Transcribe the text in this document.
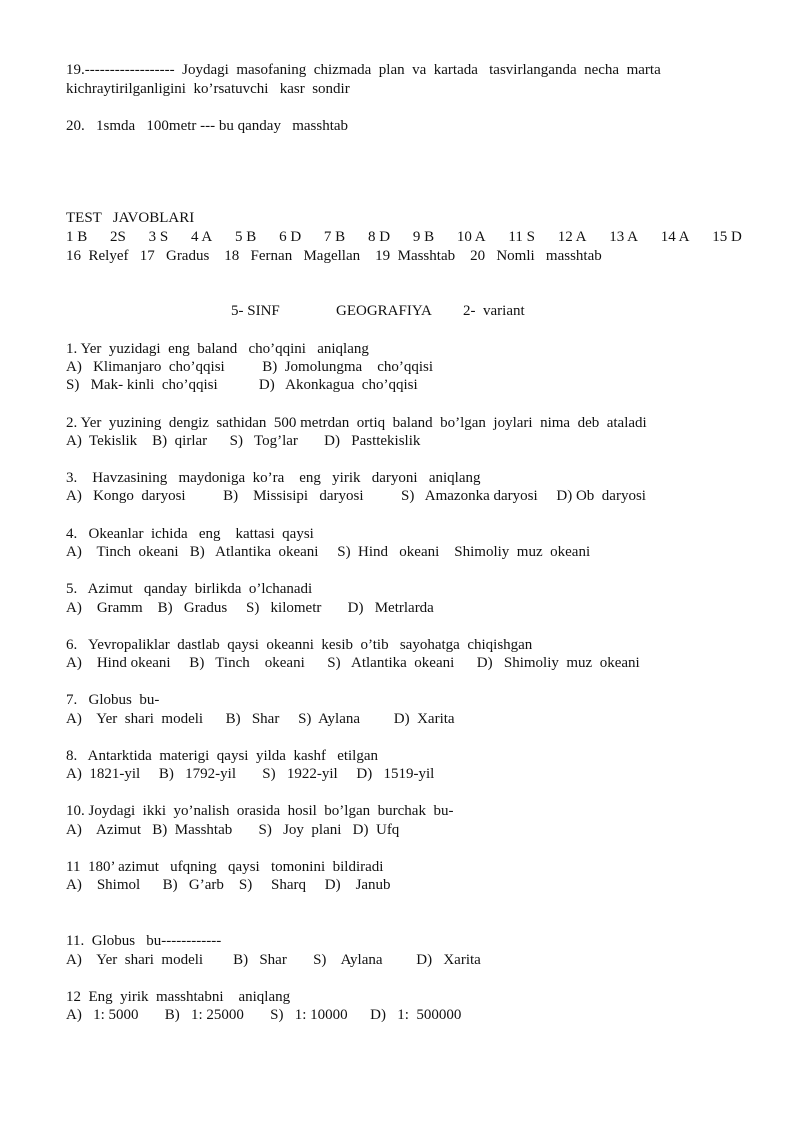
19.------------------  Joydagi  masofaning  chizmada  plan  va  kartada   tasvirlanganda  necha  marta
kichraytirilganligini  ko’rsatuvchi   kasr  sondir
20.   1smda   100metr --- bu qanday   masshtab
TEST   JAVOBLARI
1 B 2S 3 S 4 A 5 B 6 D 7 B 8 D 9 B 10 A 11 S 12 A 13 A 14 A 15 D
16  Relyef   17   Gradus    18   Fernan   Magellan    19  Masshtab    20   Nomli   masshtab
5- SINF	GEOGRAFIYA 2-  variant
1. Yer  yuzidagi  eng  baland   cho’qqini   aniqlang
A)   Klimanjaro  cho’qqisi          B)  Jomolungma    cho’qqisi
S)   Mak- kinli  cho’qqisi           D)   Akonkagua  cho’qqisi
2. Yer  yuzining  dengiz  sathidan  500 metrdan  ortiq  baland  bo’lgan  joylari  nima  deb  ataladi
A)  Tekislik    B)  qirlar      S)   Tog’lar       D)   Pasttekislik
3.    Havzasining   maydoniga  ko’ra    eng   yirik   daryoni   aniqlang
A)   Kongo  daryosi          B)    Missisipi   daryosi          S)   Amazonka daryosi     D) Ob  daryosi
4.   Okeanlar  ichida   eng    kattasi  qaysi
A)    Tinch  okeani   B)   Atlantika  okeani     S)  Hind   okeani    Shimoliy  muz  okeani
5.   Azimut   qanday  birlikda  o’lchanadi
A)    Gramm    B)   Gradus     S)   kilometr       D)   Metrlarda
6.   Yevropaliklar  dastlab  qaysi  okeanni  kesib  o’tib   sayohatga  chiqishgan
A)    Hind okeani     B)   Tinch    okeani      S)   Atlantika  okeani      D)   Shimoliy  muz  okeani
7.   Globus  bu-
A)    Yer  shari  modeli      B)   Shar     S)  Aylana         D)  Xarita
8.   Antarktida  materigi  qaysi  yilda  kashf   etilgan
A)  1821-yil     B)   1792-yil       S)   1922-yil     D)   1519-yil
10. Joydagi  ikki  yo’nalish  orasida  hosil  bo’lgan  burchak  bu-
A)    Azimut   B)  Masshtab       S)   Joy  plani   D)  Ufq
11  180’ azimut   ufqning   qaysi   tomonini  bildiradi
A)    Shimol      B)   G’arb    S)     Sharq     D)    Janub
11.  Globus   bu------------
A)    Yer  shari  modeli        B)   Shar       S)    Aylana         D)   Xarita
12  Eng  yirik  masshtabni    aniqlang
A)   1: 5000       B)   1: 25000       S)   1: 10000      D)   1:  500000
